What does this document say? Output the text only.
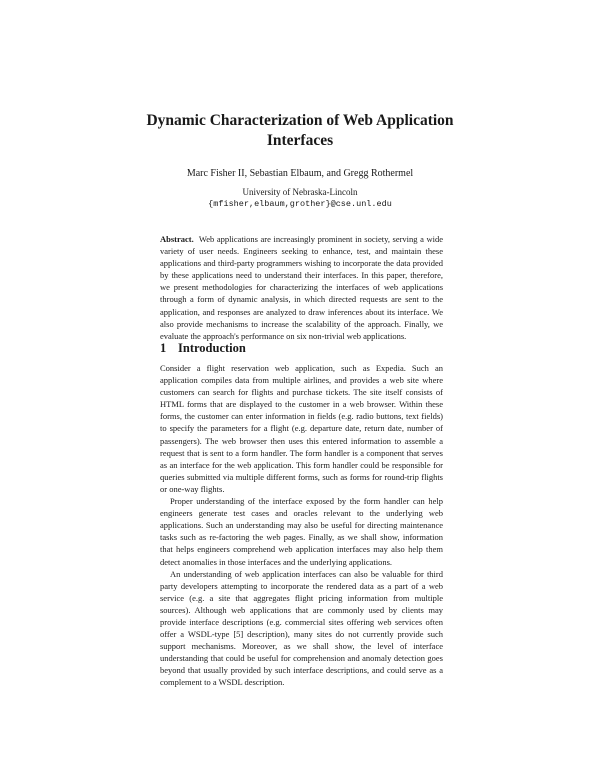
Dynamic Characterization of Web Application Interfaces
Marc Fisher II, Sebastian Elbaum, and Gregg Rothermel
University of Nebraska-Lincoln
{mfisher,elbaum,grother}@cse.unl.edu
Abstract. Web applications are increasingly prominent in society, serving a wide variety of user needs. Engineers seeking to enhance, test, and maintain these applications and third-party programmers wishing to incorporate the data provided by these applications need to understand their interfaces. In this paper, therefore, we present methodologies for characterizing the interfaces of web applications through a form of dynamic analysis, in which directed requests are sent to the application, and responses are analyzed to draw inferences about its interface. We also provide mechanisms to increase the scalability of the approach. Finally, we evaluate the approach's performance on six non-trivial web applications.
1 Introduction

Consider a flight reservation web application, such as Expedia. Such an application compiles data from multiple airlines, and provides a web site where customers can search for flights and purchase tickets. The site itself consists of HTML forms that are displayed to the customer in a web browser. Within these forms, the customer can enter information in fields (e.g. radio buttons, text fields) to specify the parameters for a flight (e.g. departure date, return date, number of passengers). The web browser then uses this entered information to assemble a request that is sent to a form handler. The form handler is a component that serves as an interface for the web application. This form handler could be responsible for queries submitted via multiple different forms, such as forms for round-trip flights or one-way flights.

Proper understanding of the interface exposed by the form handler can help engineers generate test cases and oracles relevant to the underlying web applications. Such an understanding may also be useful for directing maintenance tasks such as re-factoring the web pages. Finally, as we shall show, information that helps engineers comprehend web application interfaces may also help them detect anomalies in those interfaces and the underlying applications.

An understanding of web application interfaces can also be valuable for third party developers attempting to incorporate the rendered data as a part of a web service (e.g. a site that aggregates flight pricing information from multiple sources). Although web applications that are commonly used by clients may provide interface descriptions (e.g. commercial sites offering web services often offer a WSDL-type [5] description), many sites do not currently provide such support mechanisms. Moreover, as we shall show, the level of interface understanding that could be useful for comprehension and anomaly detection goes beyond that usually provided by such interface descriptions, and could serve as a complement to a WSDL description.
